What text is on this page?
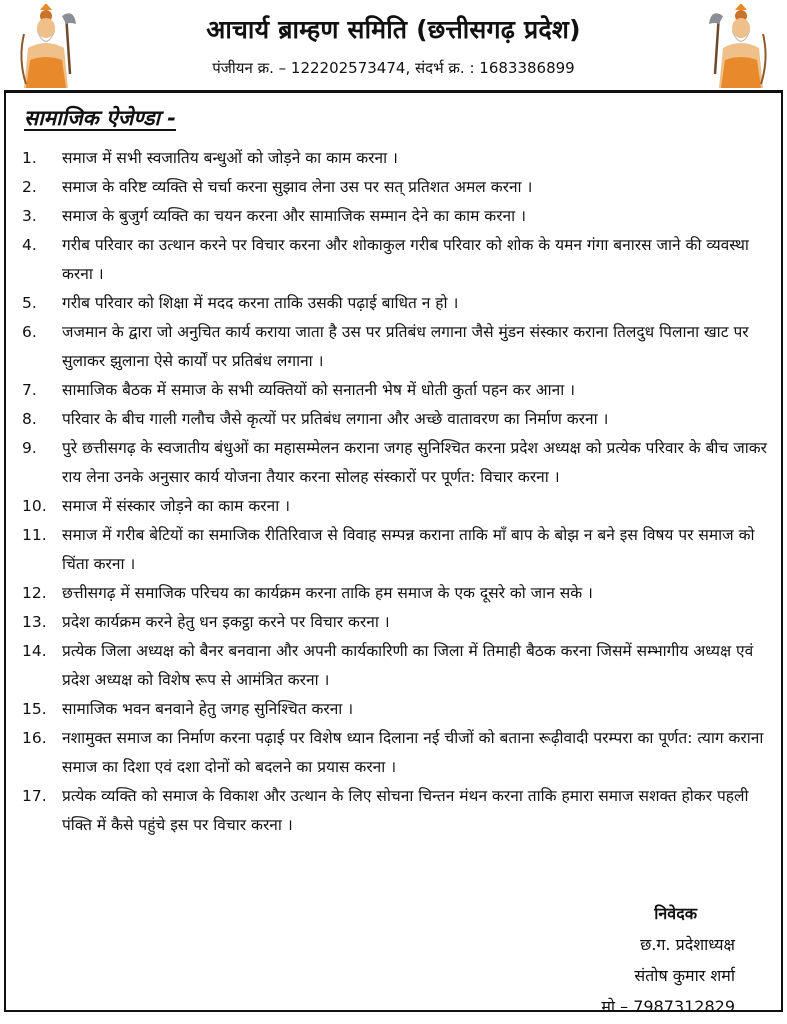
आचार्य ब्राम्हण समिति (छत्तीसगढ़ प्रदेश)
पंजीयन क्र. – 122202573474, संदर्भ क्र. : 1683386899
सामाजिक ऐजेण्डा -
1.	समाज में सभी स्वजातिय बन्धुओं को जोड़ने का काम करना ।
2.	समाज के वरिष्ट व्यक्ति से चर्चा करना सुझाव लेना उस पर सत् प्रतिशत अमल करना ।
3.	समाज के बुजुर्ग व्यक्ति का चयन करना और सामाजिक सम्मान देने का काम करना ।
4.	गरीब परिवार का उत्थान करने पर विचार करना और शोकाकुल गरीब परिवार को शोक के यमन गंगा बनारस जाने की व्यवस्था करना ।
5.	गरीब परिवार को शिक्षा में मदद करना ताकि उसकी पढ़ाई बाधित न हो ।
6.	जजमान के द्वारा जो अनुचित कार्य कराया जाता है उस पर प्रतिबंध लगाना जैसे मुंडन संस्कार कराना तिलदुध पिलाना खाट पर सुलाकर झुलाना ऐसे कार्यों पर प्रतिबंध लगाना ।
7.	सामाजिक बैठक में समाज के सभी व्यक्तियों को सनातनी भेष में धोती कुर्ता पहन कर आना ।
8.	परिवार के बीच गाली गलौच जैसे कृत्यों पर प्रतिबंध लगाना और अच्छे वातावरण का निर्माण करना ।
9.	पुरे छत्तीसगढ़ के स्वजातीय बंधुओं का महासम्मेलन कराना जगह सुनिश्चित करना प्रदेश अध्यक्ष को प्रत्येक परिवार के बीच जाकर राय लेना उनके अनुसार कार्य योजना तैयार करना सोलह संस्कारों पर पूर्णत: विचार करना ।
10. समाज में संस्कार जोड़ने का काम करना ।
11. समाज में गरीब बेटियों का समाजिक रीतिरिवाज से विवाह सम्पन्न कराना ताकि माँ बाप के बोझ न बने इस विषय पर समाज को चिंता करना ।
12. छत्तीसगढ़ में समाजिक परिचय का कार्यक्रम करना ताकि हम समाज के एक दूसरे को जान सके ।
13. प्रदेश कार्यक्रम करने हेतु धन इकट्ठा करने पर विचार करना ।
14. प्रत्येक जिला अध्यक्ष को बैनर बनवाना और अपनी कार्यकारिणी का जिला में तिमाही बैठक करना जिसमें सम्भागीय अध्यक्ष एवं प्रदेश अध्यक्ष को विशेष रूप से आमंत्रित करना ।
15. सामाजिक भवन बनवाने हेतु जगह सुनिश्चित करना ।
16. नशामुक्त समाज का निर्माण करना पढ़ाई पर विशेष ध्यान दिलाना नई चीजों को बताना रूढ़ीवादी परम्परा का पूर्णत: त्याग कराना समाज का दिशा एवं दशा दोनों को बदलने का प्रयास करना ।
17. प्रत्येक व्यक्ति को समाज के विकाश और उत्थान के लिए सोचना चिन्तन मंथन करना ताकि हमारा समाज सशक्त होकर पहली पंक्ति में कैसे पहुंचे इस पर विचार करना ।
निवेदक
छ.ग. प्रदेशाध्यक्ष
संतोष कुमार शर्मा
मो.– 7987312829
